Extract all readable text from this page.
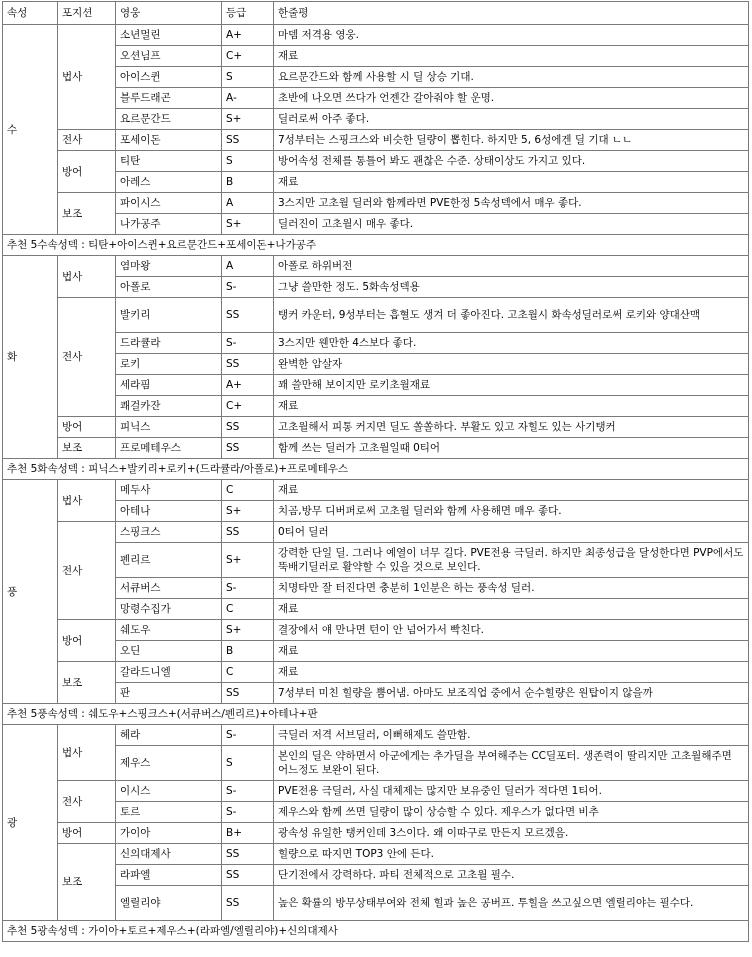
속성	포지션	영웅	등급	한줄평
수	법사	소년멀린	A+	마뎀 저격용 영웅.
		오션님프	C+	재료
		아이스퀸	S	요르문간드와 함께 사용할 시 딜 상승 기대.
		블루드래곤	A-	초반에 나오면 쓰다가 언젠간 갈아줘야 할 운명.
		요르문간드	S+	딜러로써 아주 좋다.
	전사	포세이돈	SS	7성부터는 스핑크스와 비슷한 딜량이 뽑힌다. 하지만 5, 6성에겐 딜 기대 ㄴㄴ
	방어	티탄	S	방어속성 전체를 통틀어 봐도 괜찮은 수준. 상태이상도 가지고 있다.
		아레스	B	재료
	보조	파이시스	A	3스지만 고초월 딜러와 함께라면 PVE한정 5속성덱에서 매우 좋다.
		나가공주	S+	딜러진이 고초월시 매우 좋다.
추천 5수속성덱 : 티탄+아이스퀸+요르문간드+포세이돈+나가공주				
화	법사	염마왕	A	아폴로 하위버전
		아폴로	S-	그냥 쓸만한 정도. 5화속성덱용
	전사	발키리	SS	탱커 카운터, 9성부터는 흡혈도 생겨 더 좋아진다. 고초월시 화속성딜러로써 로키와 양대산맥
		드라큘라	S-	3스지만 웬만한 4스보다 좋다.
		로키	SS	완벽한 암살자
		세라핌	A+	꽤 쓸만해 보이지만 로키초월재료
		쾌걸카잔	C+	재료
	방어	피닉스	SS	고초월해서 피통 커지면 딜도 쏠쏠하다. 부활도 있고 자힐도 있는 사기탱커
	보조	프로메테우스	SS	함께 쓰는 딜러가 고초월일때 0티어
추천 5화속성덱 : 피닉스+발키리+로키+(드라큘라/아폴로)+프로메테우스				
풍	법사	메두사	C	재료
		아테나	S+	치곰,방무 디버퍼로써 고초월 딜러와 함께 사용해면 매우 좋다.
	전사	스핑크스	SS	0티어 딜러
		펜리르	S+	강력한 단일 딜. 그러나 예열이 너무 길다. PVE전용 극딜러. 하지만 최종성급을 달성한다면 PVP에서도 뚝배기딜러로 활약할 수 있을 것으로 보인다.
		서큐버스	S-	치명타만 잘 터진다면 충분히 1인분은 하는 풍속성 딜러.
		망령수집가	C	재료
	방어	쉐도우	S+	결장에서 얘 만나면 턴이 안 넘어가서 빡친다.
		오딘	B	재료
	보조	갈라드니엘	C	재료
		판	SS	7성부터 미친 힐량을 뿜어냄. 아마도 보조직업 중에서 순수힐량은 원탑이지 않을까
추천 5풍속성덱 : 쉐도우+스핑크스+(서큐버스/펜리르)+아테나+판				
광	법사	헤라	S-	극딜러 저격 서브딜러, 이뻐해제도 쓸만함.
		제우스	S	본인의 딜은 약하면서 아군에게는 추가딜을 부여해주는 CC딜포터. 생존력이 딸리지만 고초월해주면 어느정도 보완이 된다.
	전사	이시스	S-	PVE전용 극딜러, 사실 대체제는 많지만 보유중인 딜러가 적다면 1티어.
		토르	S-	제우스와 함께 쓰면 딜량이 많이 상승할 수 있다. 제우스가 없다면 비추
	방어	가이아	B+	광속성 유일한 탱커인데 3스이다. 왜 이따구로 만든지 모르겠음.
	보조	신의대제사	SS	힐량으로 따지면 TOP3 안에 든다.
		라파엘	SS	단기전에서 강력하다. 파티 전체적으로 고초월 필수.
		엘릴리야	SS	높은 확률의 방무상태부여와 전체 힐과 높은 공버프. 투힐을 쓰고싶으면 엘릴리야는 필수다.
추천 5광속성덱 : 가이아+토르+제우스+(라파엘/엘릴리야)+신의대제사				
